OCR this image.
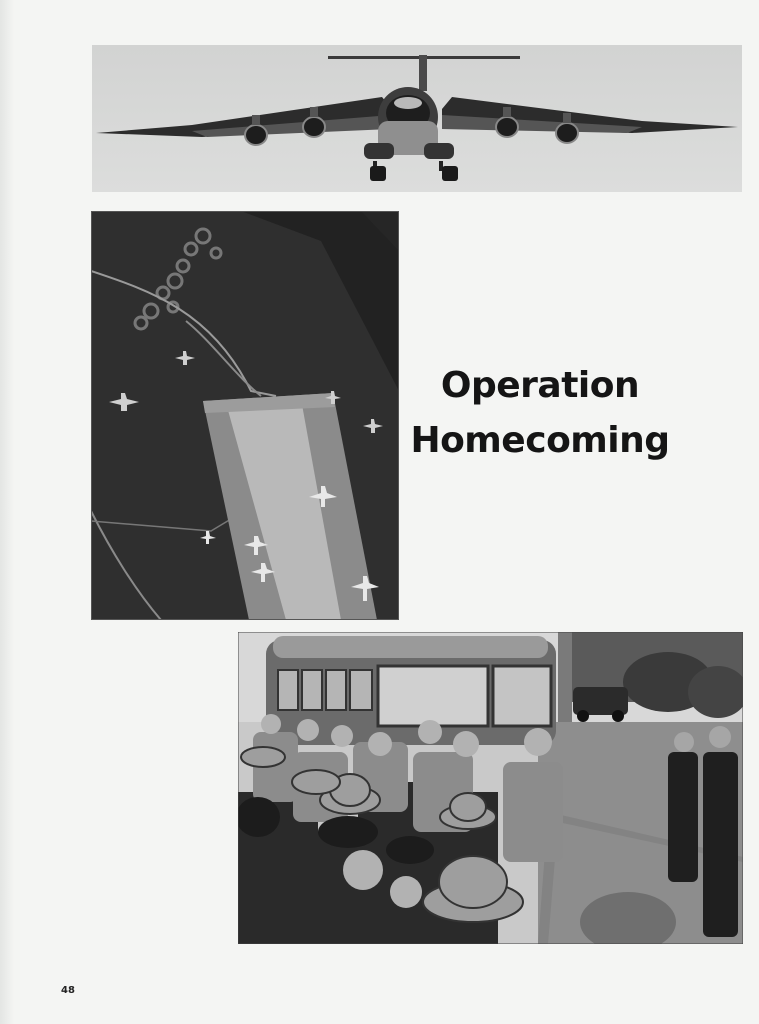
Operation
Homecoming
48
